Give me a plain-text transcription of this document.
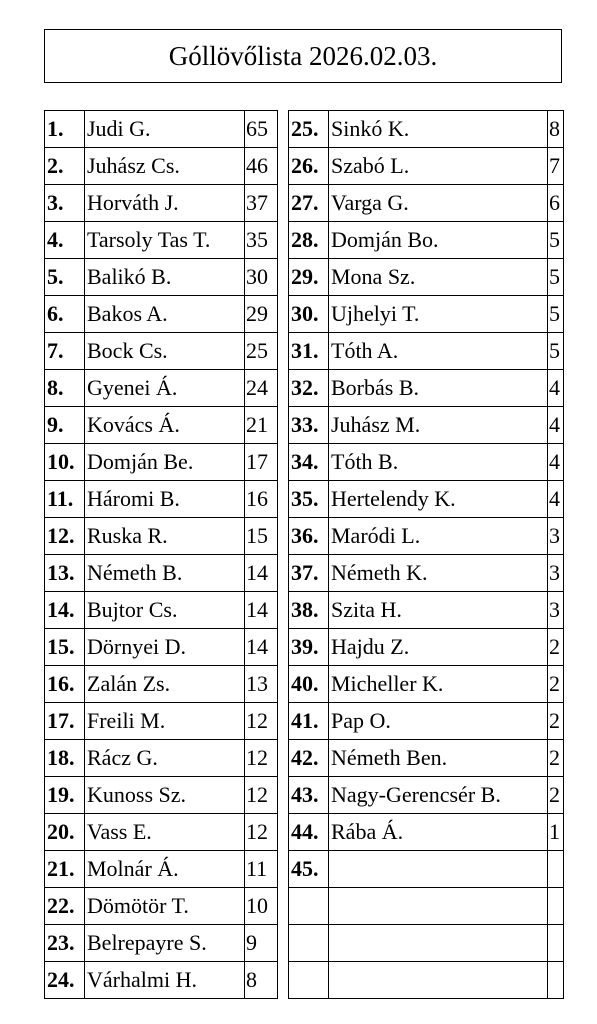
Góllövőlista 2026.02.03.
1.	Judi G.	65
2.	Juhász Cs.	46
3.	Horváth J.	37
4.	Tarsoly Tas T.	35
5.	Balikó B.	30
6.	Bakos A.	29
7.	Bock Cs.	25
8.	Gyenei Á.	24
9.	Kovács Á.	21
10.	Domján Be.	17
11.	Háromi B.	16
12.	Ruska R.	15
13.	Németh B.	14
14.	Bujtor Cs.	14
15.	Dörnyei D.	14
16.	Zalán Zs.	13
17.	Freili M.	12
18.	Rácz G.	12
19.	Kunoss Sz.	12
20.	Vass E.	12
21.	Molnár Á.	11
22.	Dömötör T.	10
23.	Belrepayre S.	9
24.	Várhalmi H.	8
25.	Sinkó K.	8
26.	Szabó L.	7
27.	Varga G.	6
28.	Domján Bo.	5
29.	Mona Sz.	5
30.	Ujhelyi T.	5
31.	Tóth A.	5
32.	Borbás B.	4
33.	Juhász M.	4
34.	Tóth B.	4
35.	Hertelendy K.	4
36.	Maródi L.	3
37.	Németh K.	3
38.	Szita H.	3
39.	Hajdu Z.	2
40.	Micheller K.	2
41.	Pap O.	2
42.	Németh Ben.	2
43.	Nagy-Gerencsér B.	2
44.	Rába Á.	1
45.		
